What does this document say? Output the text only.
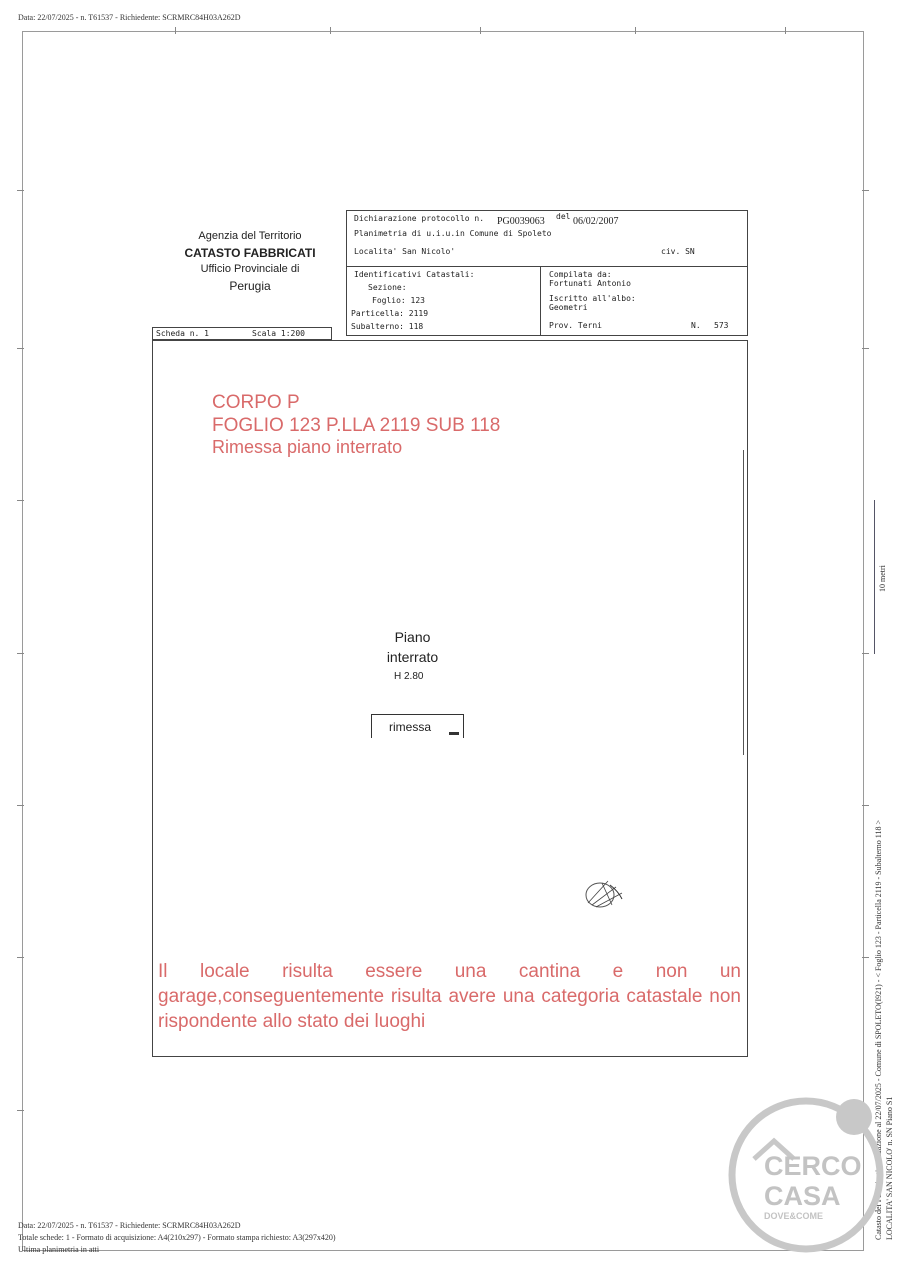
Data: 22/07/2025 - n. T61537 - Richiedente: SCRMRC84H03A262D
Agenzia del Territorio
CATASTO FABBRICATI
Ufficio Provinciale di
Perugia
Dichiarazione protocollo n. PG0039063 del 06/02/2007
Planimetria di u.i.u.in Comune di Spoleto
Localita' San Nicolo'	civ. SN
Identificativi Catastali:
Sezione:
Foglio: 123
Particella: 2119
Subalterno: 118
Compilata da:
Fortunati Antonio
Iscritto all'albo:
Geometri
Prov. Terni	N. 573
Scheda n. 1	Scala 1:200
CORPO P
FOGLIO 123 P.LLA 2119 SUB 118
Rimessa piano interrato
Piano
interrato
H 2.80
rimessa
Il locale risulta essere una cantina e non un garage,conseguentemente risulta avere una categoria catastale non rispondente allo stato dei luoghi
10 metri
Catasto dei Fabbricati - Situazione al 22/07/2025 - Comune di SPOLETO(I921) - < Foglio 123 - Particella 2119 - Subalterno 118 > LOCALITA' SAN NICOLO' n. SN Piano S1
CERCO
CASA
DOVE&COME
Data: 22/07/2025 - n. T61537 - Richiedente: SCRMRC84H03A262D
Totale schede: 1 - Formato di acquisizione: A4(210x297) - Formato stampa richiesto: A3(297x420)
Ultima planimetria in atti
